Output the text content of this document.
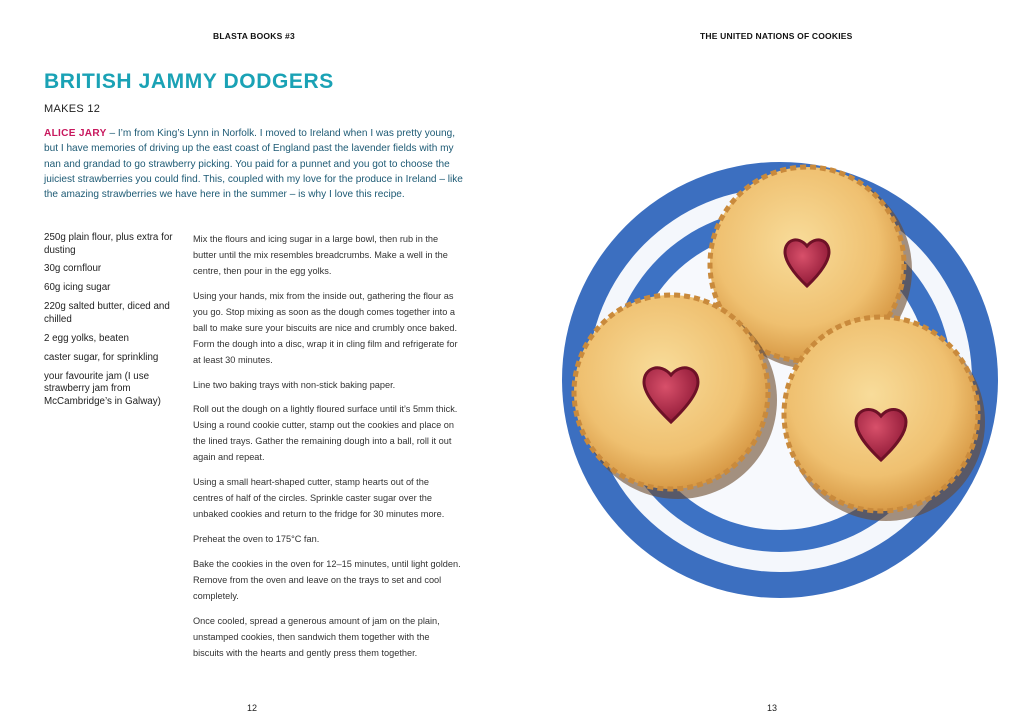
BLASTA BOOKS #3	THE UNITED NATIONS OF COOKIES
BRITISH JAMMY DODGERS
MAKES 12
ALICE JARY – I’m from King’s Lynn in Norfolk. I moved to Ireland when I was pretty young, but I have memories of driving up the east coast of England past the lavender fields with my nan and grandad to go strawberry picking. You paid for a punnet and you got to choose the juiciest strawberries you could find. This, coupled with my love for the produce in Ireland – like the amazing strawberries we have here in the summer – is why I love this recipe.
250g plain flour, plus extra for dusting
30g cornflour
60g icing sugar
220g salted butter, diced and chilled
2 egg yolks, beaten
caster sugar, for sprinkling
your favourite jam (I use strawberry jam from McCambridge’s in Galway)

Mix the flours and icing sugar in a large bowl, then rub in the butter until the mix resembles breadcrumbs. Make a well in the centre, then pour in the egg yolks.

Using your hands, mix from the inside out, gathering the flour as you go. Stop mixing as soon as the dough comes together into a ball to make sure your biscuits are nice and crumbly once baked. Form the dough into a disc, wrap it in cling film and refrigerate for at least 30 minutes.

Line two baking trays with non-stick baking paper.

Roll out the dough on a lightly floured surface until it’s 5mm thick. Using a round cookie cutter, stamp out the cookies and place on the lined trays. Gather the remaining dough into a ball, roll it out again and repeat.

Using a small heart-shaped cutter, stamp hearts out of the centres of half of the circles. Sprinkle caster sugar over the unbaked cookies and return to the fridge for 30 minutes more.

Preheat the oven to 175°C fan.

Bake the cookies in the oven for 12–15 minutes, until light golden. Remove from the oven and leave on the trays to set and cool completely.

Once cooled, spread a generous amount of jam on the plain, unstamped cookies, then sandwich them together with the biscuits with the hearts and gently press them together.

12	13
